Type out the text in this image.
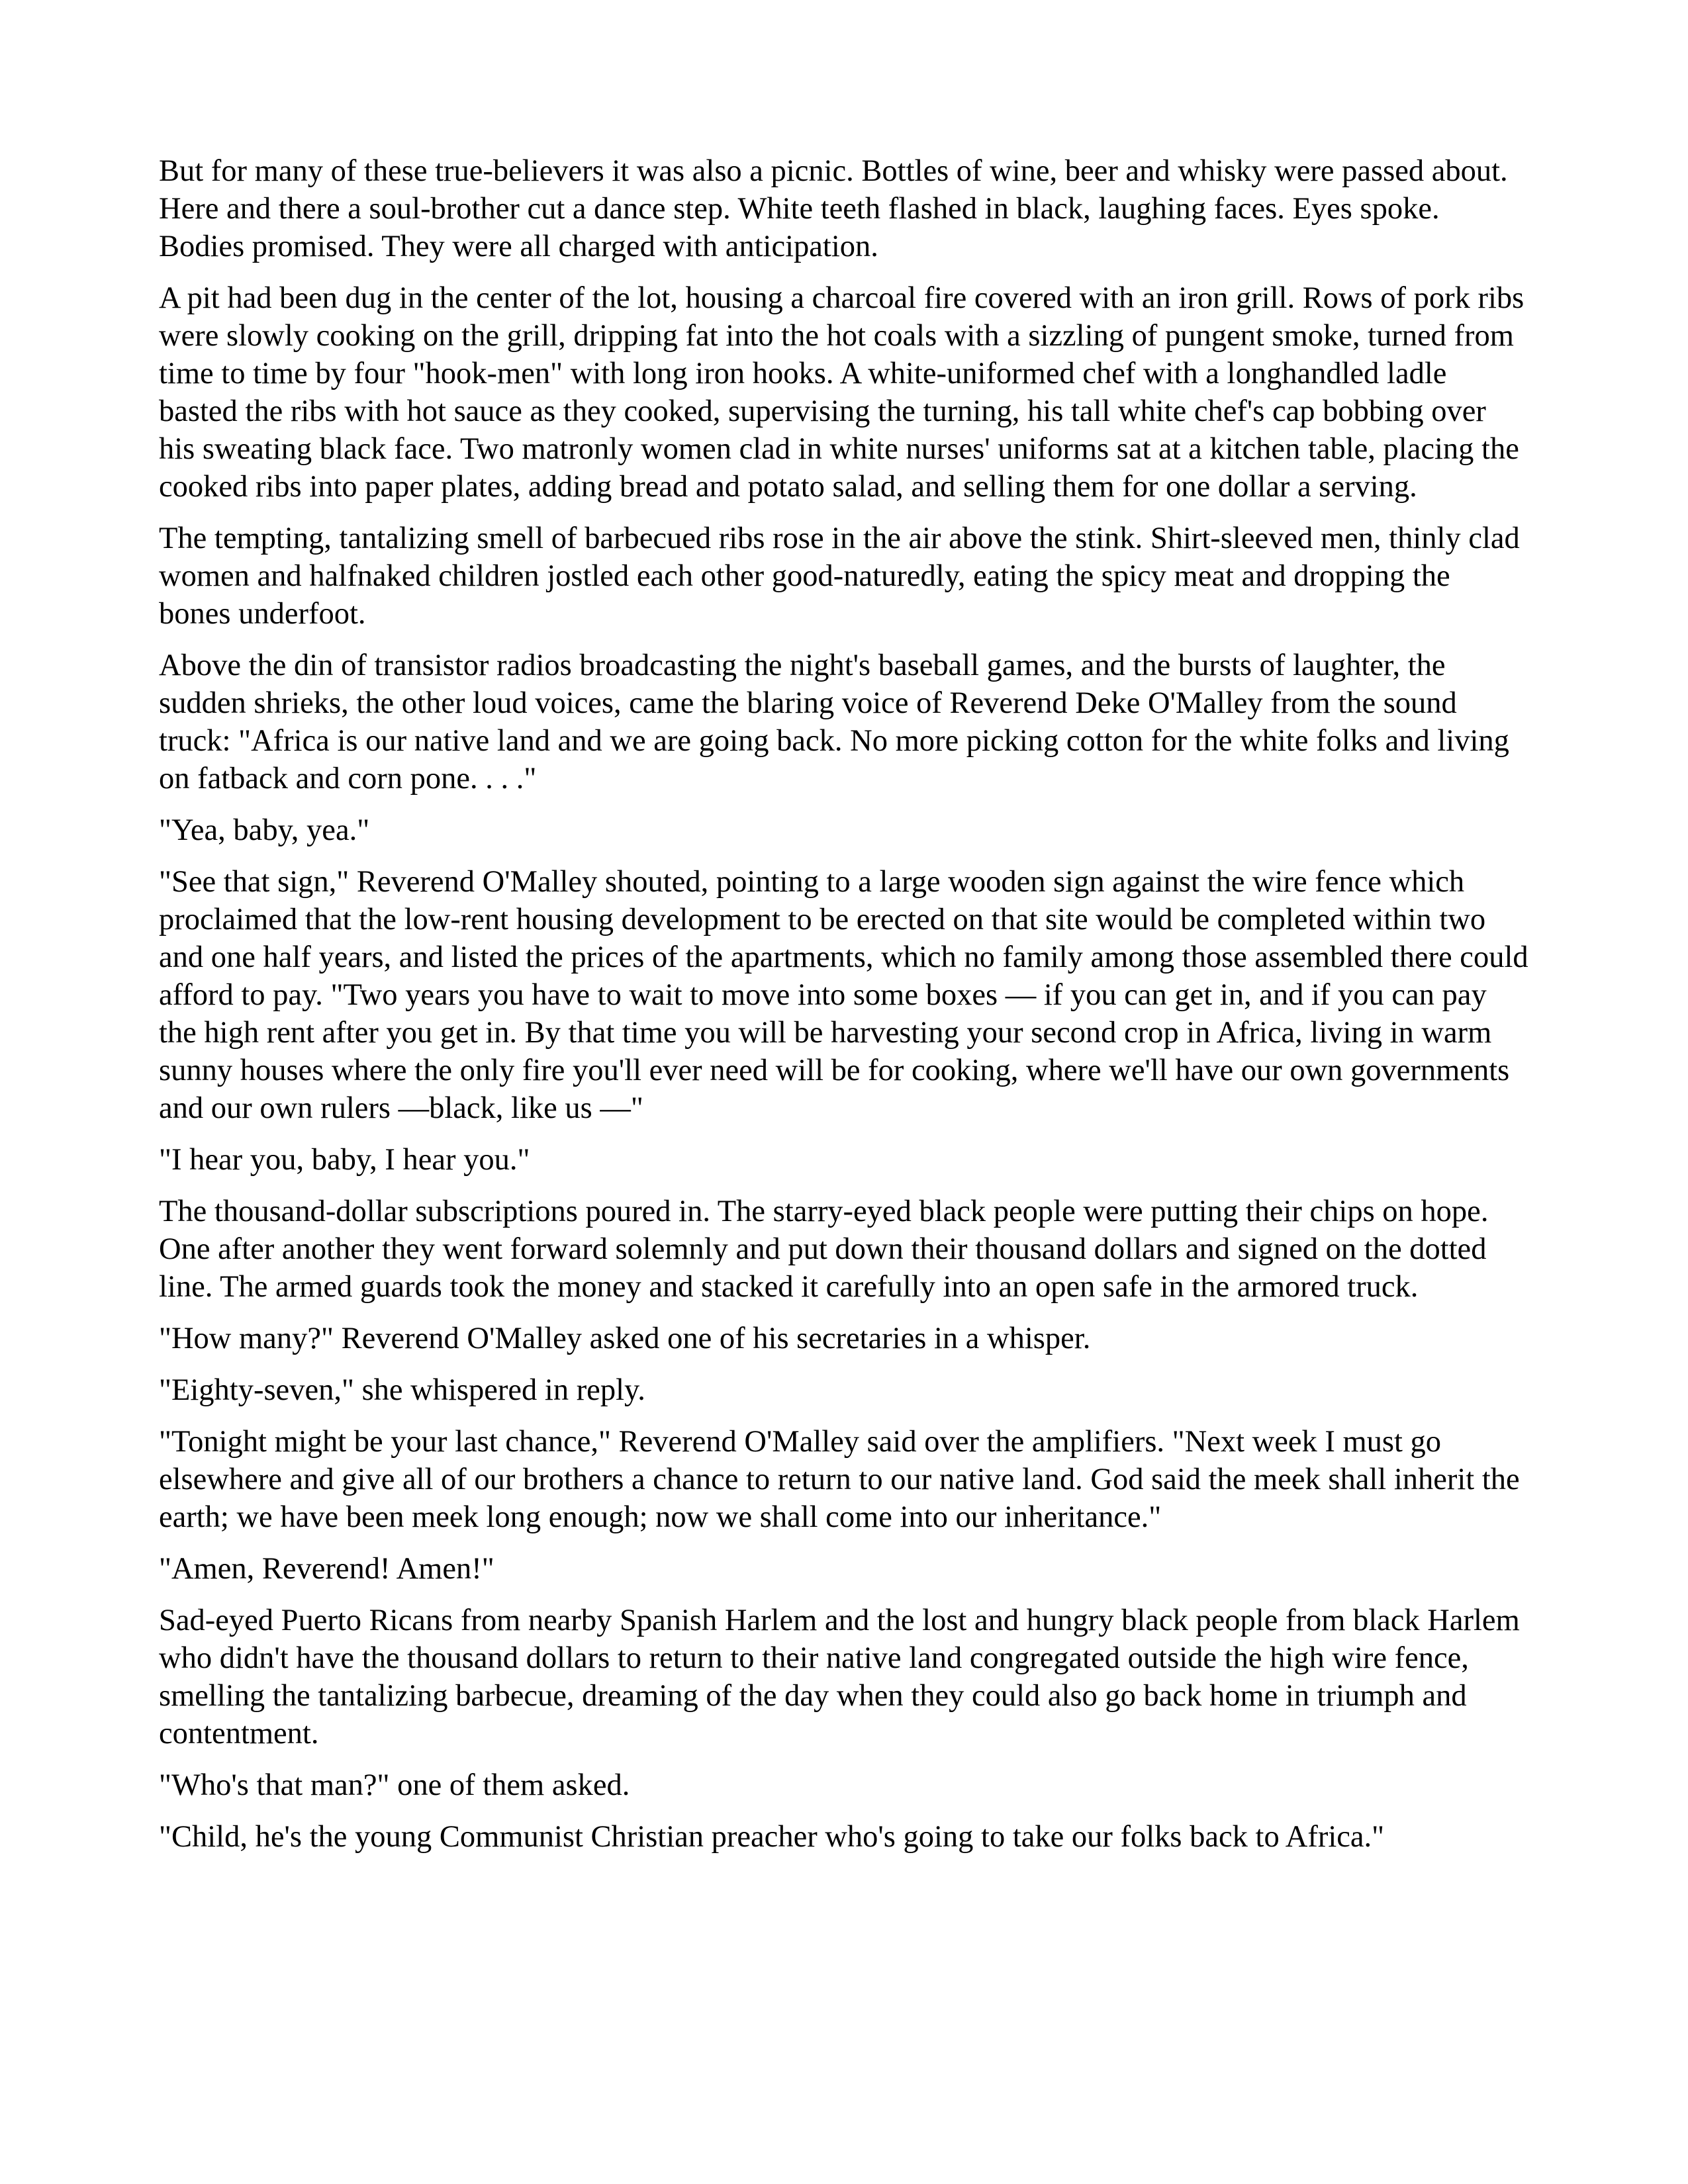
But for many of these true-believers it was also a picnic. Bottles of wine, beer and whisky were passed about. Here and there a soul-brother cut a dance step. White teeth flashed in black, laughing faces. Eyes spoke. Bodies promised. They were all charged with anticipation.

A pit had been dug in the center of the lot, housing a charcoal fire covered with an iron grill. Rows of pork ribs were slowly cooking on the grill, dripping fat into the hot coals with a sizzling of pungent smoke, turned from time to time by four "hook-men" with long iron hooks. A white-uniformed chef with a longhandled ladle basted the ribs with hot sauce as they cooked, supervising the turning, his tall white chef's cap bobbing over his sweating black face. Two matronly women clad in white nurses' uniforms sat at a kitchen table, placing the cooked ribs into paper plates, adding bread and potato salad, and selling them for one dollar a serving.

The tempting, tantalizing smell of barbecued ribs rose in the air above the stink. Shirt-sleeved men, thinly clad women and halfnaked children jostled each other good-naturedly, eating the spicy meat and dropping the bones underfoot.

Above the din of transistor radios broadcasting the night's baseball games, and the bursts of laughter, the sudden shrieks, the other loud voices, came the blaring voice of Reverend Deke O'Malley from the sound truck: "Africa is our native land and we are going back. No more picking cotton for the white folks and living on fatback and corn pone. . . ."

"Yea, baby, yea."

"See that sign," Reverend O'Malley shouted, pointing to a large wooden sign against the wire fence which proclaimed that the low-rent housing development to be erected on that site would be completed within two and one half years, and listed the prices of the apartments, which no family among those assembled there could afford to pay. "Two years you have to wait to move into some boxes — if you can get in, and if you can pay the high rent after you get in. By that time you will be harvesting your second crop in Africa, living in warm sunny houses where the only fire you'll ever need will be for cooking, where we'll have our own governments and our own rulers —black, like us —"

"I hear you, baby, I hear you."

The thousand-dollar subscriptions poured in. The starry-eyed black people were putting their chips on hope. One after another they went forward solemnly and put down their thousand dollars and signed on the dotted line. The armed guards took the money and stacked it carefully into an open safe in the armored truck.

"How many?" Reverend O'Malley asked one of his secretaries in a whisper.

"Eighty-seven," she whispered in reply.

"Tonight might be your last chance," Reverend O'Malley said over the amplifiers. "Next week I must go elsewhere and give all of our brothers a chance to return to our native land. God said the meek shall inherit the earth; we have been meek long enough; now we shall come into our inheritance."

"Amen, Reverend! Amen!"

Sad-eyed Puerto Ricans from nearby Spanish Harlem and the lost and hungry black people from black Harlem who didn't have the thousand dollars to return to their native land congregated outside the high wire fence, smelling the tantalizing barbecue, dreaming of the day when they could also go back home in triumph and contentment.

"Who's that man?" one of them asked.

"Child, he's the young Communist Christian preacher who's going to take our folks back to Africa."
